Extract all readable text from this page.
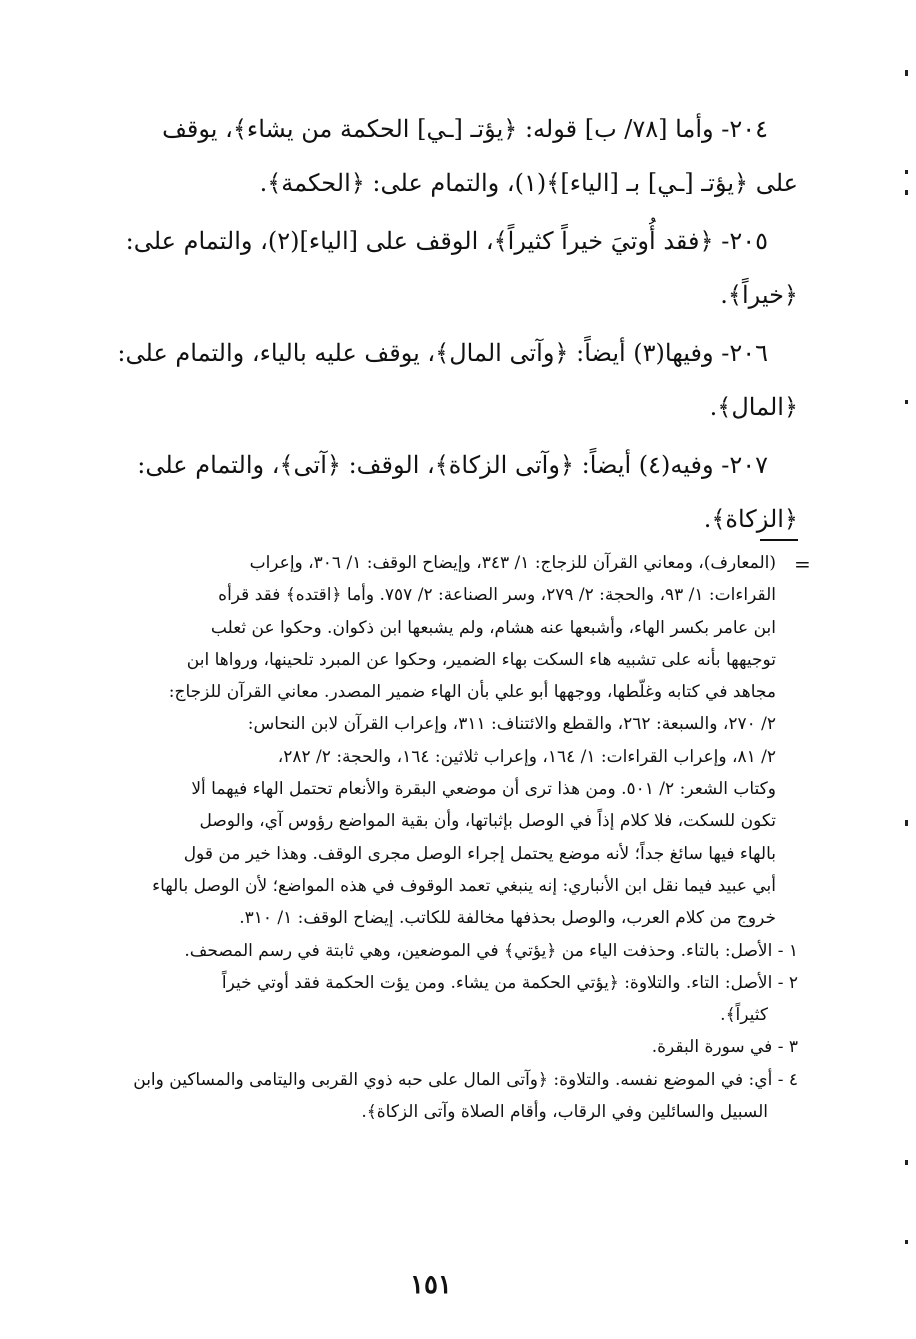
٢٠٤- وأما [٧٨/ ب] قوله: ﴿يؤتـ [ـي] الحكمة من يشاء﴾، يوقف
على ﴿يؤتـ [ـي] بـ [الياء]﴾(١)، والتمام على: ﴿الحكمة﴾.

٢٠٥- ﴿فقد أُوتيَ خيراً كثيراً﴾، الوقف على [الياء](٢)، والتمام على:
﴿خيراً﴾.

٢٠٦- وفيها(٣) أيضاً: ﴿وآتى المال﴾، يوقف عليه بالياء، والتمام على:
﴿المال﴾.

٢٠٧- وفيه(٤) أيضاً: ﴿وآتى الزكاة﴾، الوقف: ﴿آتى﴾، والتمام على:
﴿الزكاة﴾.

=
(المعارف)، ومعاني القرآن للزجاج: ١/ ٣٤٣، وإيضاح الوقف: ١/ ٣٠٦، وإعراب
القراءات: ١/ ٩٣، والحجة: ٢/ ٢٧٩، وسر الصناعة: ٢/ ٧٥٧. وأما ﴿اقتده﴾ فقد قرأه
ابن عامر بكسر الهاء، وأشبعها عنه هشام، ولم يشبعها ابن ذكوان. وحكوا عن ثعلب
توجيهها بأنه على تشبيه هاء السكت بهاء الضمير، وحكوا عن المبرد تلحينها، ورواها ابن
مجاهد في كتابه وغلّطها، ووجهها أبو علي بأن الهاء ضمير المصدر. معاني القرآن للزجاج:
٢/ ٢٧٠، والسبعة: ٢٦٢، والقطع والائتناف: ٣١١، وإعراب القرآن لابن النحاس:
٢/ ٨١، وإعراب القراءات: ١/ ١٦٤، وإعراب ثلاثين: ١٦٤، والحجة: ٢/ ٢٨٢،
وكتاب الشعر: ٢/ ٥٠١. ومن هذا ترى أن موضعي البقرة والأنعام تحتمل الهاء فيهما ألا
تكون للسكت، فلا كلام إذاً في الوصل بإثباتها، وأن بقية المواضع رؤوس آي، والوصل
بالهاء فيها سائغ جداً؛ لأنه موضع يحتمل إجراء الوصل مجرى الوقف. وهذا خير من قول
أبي عبيد فيما نقل ابن الأنباري: إنه ينبغي تعمد الوقوف في هذه المواضع؛ لأن الوصل بالهاء
خروج من كلام العرب، والوصل بحذفها مخالفة للكاتب. إيضاح الوقف: ١/ ٣١٠.
١ - الأصل: بالتاء. وحذفت الياء من ﴿يؤتي﴾ في الموضعين، وهي ثابتة في رسم المصحف.
٢ - الأصل: التاء. والتلاوة: ﴿يؤتي الحكمة من يشاء. ومن يؤت الحكمة فقد أوتي خيراً
كثيراً﴾.
٣ - في سورة البقرة.
٤ - أي: في الموضع نفسه. والتلاوة: ﴿وآتى المال على حبه ذوي القربى واليتامى والمساكين وابن
السبيل والسائلين وفي الرقاب، وأقام الصلاة وآتى الزكاة﴾.
١٥١
